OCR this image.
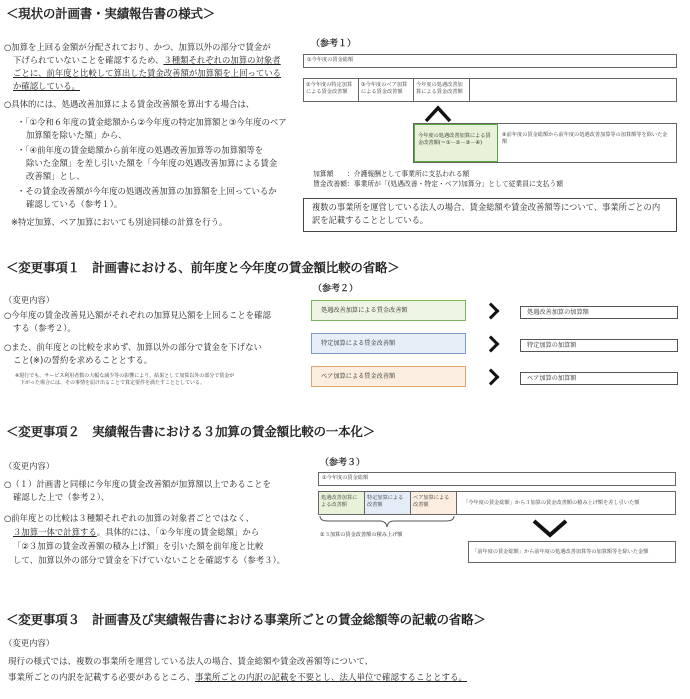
＜現状の計画書・実績報告書の様式＞
○加算を上回る金額が分配されており、かつ、加算以外の部分で賃金が
下げられていないことを確認するため、３種類それぞれの加算の対象者
ごとに、前年度と比較して算出した賃金改善額が加算額を上回っている
か確認している。
○具体的には、処遇改善加算による賃金改善額を算出する場合は、
・「①令和６年度の賃金総額から②今年度の特定加算額と③今年度のベア
加算額を除いた額」から、
・「④前年度の賃金総額から前年度の処遇改善加算等の加算額等を
除いた金額」を差し引いた額を「今年度の処遇改善加算による賃金
改善額」とし、
・その賃金改善額が今年度の処遇改善加算の加算額を上回っているか
確認している（参考１）。
※特定加算、ベア加算においても別途同様の計算を行う。
（参考１）
①今年度の賃金総額
②今年度の特定加算による賃金改善額
③今年度のベア加算による賃金改善額
今年度の処遇改善加算による賃金改善額
今年度の処遇改善加算による賃金改善額(＝①－②－③－④)
④前年度の賃金総額から前年度の処遇改善加算等の加算額等を除いた金額
加算額　　：介護報酬として事業所に支払われる額
賃金改善額：事業所が「(処遇改善・特定・ベア)加算分」として従業員に支払う額
複数の事業所を運営している法人の場合、賃金総額や賃金改善額等について、事業所ごとの内訳を記載することとしている。
＜変更事項１　計画書における、前年度と今年度の賃金額比較の省略＞
（変更内容）
○今年度の賃金改善見込額がそれぞれの加算見込額を上回ることを確認
する（参考２）。
○また、前年度との比較を求めず、加算以外の部分で賃金を下げない
こと(※)の誓約を求めることとする。
※現行でも、サービス利用者数の大幅な減少等の影響により、結果として加算以外の部分で賃金が
　下がった場合には、その事情を届け出ることで算定要件を満たすこととしている。
（参考２）
処遇改善加算による賃金改善額	処遇改善加算の加算額
特定加算による賃金改善額	特定加算の加算額
ベア加算による賃金改善額	ベア加算の加算額
＜変更事項２　実績報告書における３加算の賃金額比較の一本化＞
（変更内容）
○（１）計画書と同様に今年度の賃金改善額が加算額以上であることを
確認した上で（参考２）、
○前年度との比較は３種類それぞれの加算の対象者ごとではなく、
３加算一体で計算する。具体的には、「①今年度の賃金総額」から
「②３加算の賃金改善額の積み上げ額」を引いた額を前年度と比較
して、加算以外の部分で賃金を下げていないことを確認する（参考３）。
（参考３）
①今年度の賃金総額
処遇改善加算による改善額
特定加算による改善額
ベア加算による改善額	「今年度の賃金総額」から３加算の賃金改善額の積み上げ額を差し引いた額
②３加算の賃金改善額の積み上げ額
「前年度の賃金総額」から前年度の処遇改善加算等の加算額等を除いた金額
＜変更事項３　計画書及び実績報告書における事業所ごとの賃金総額等の記載の省略＞
（変更内容）
現行の様式では、複数の事業所を運営している法人の場合、賃金総額や賃金改善額等について、
事業所ごとの内訳を記載する必要があるところ、事業所ごとの内訳の記載を不要とし、法人単位で確認することとする。
